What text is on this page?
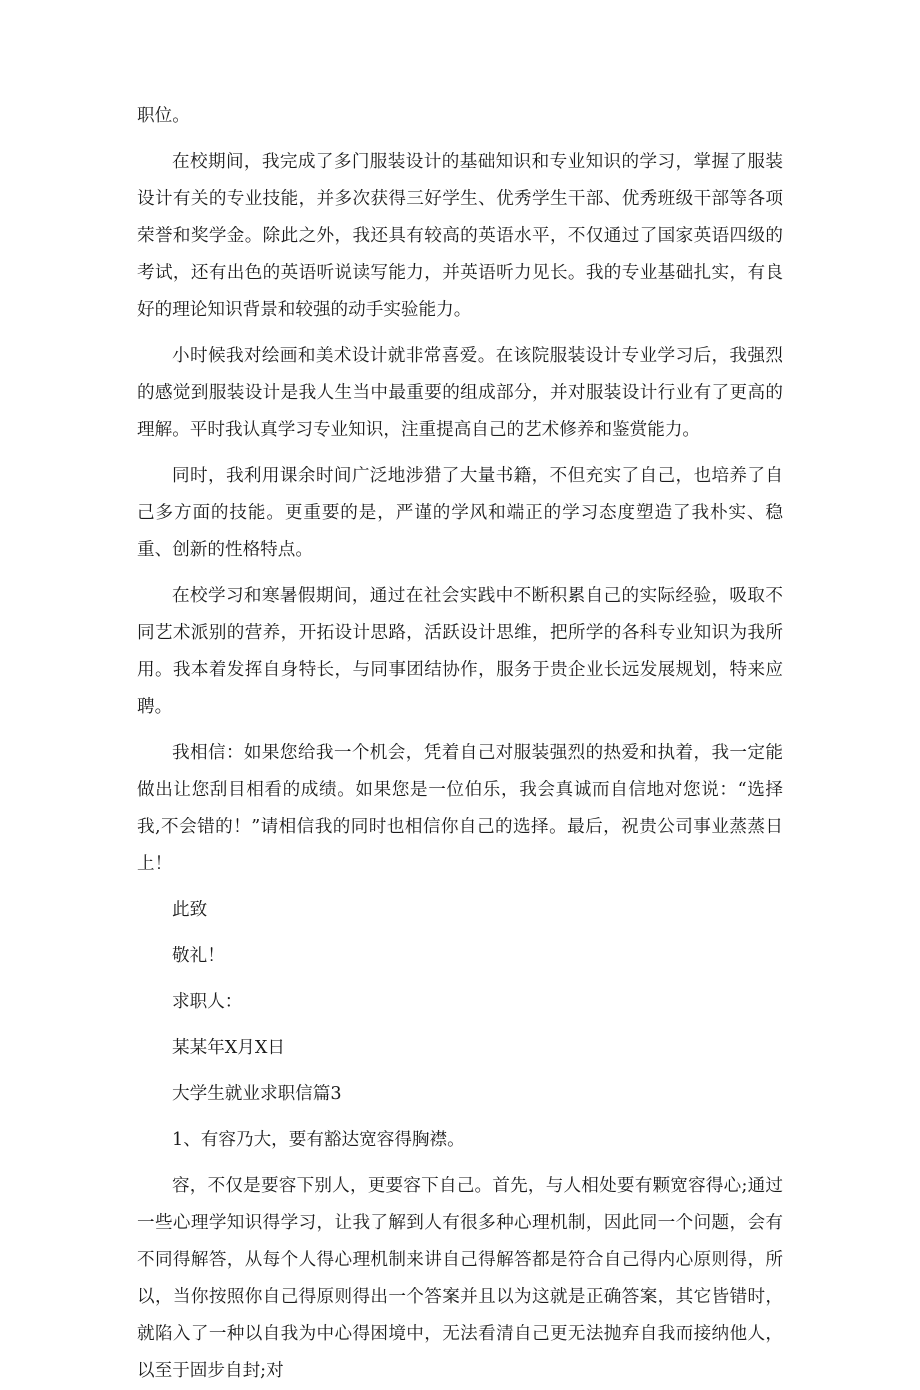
职位。

在校期间，我完成了多门服装设计的基础知识和专业知识的学习，掌握了服装设计有关的专业技能，并多次获得三好学生、优秀学生干部、优秀班级干部等各项荣誉和奖学金。除此之外，我还具有较高的英语水平，不仅通过了国家英语四级的考试，还有出色的英语听说读写能力，并英语听力见长。我的专业基础扎实，有良好的理论知识背景和较强的动手实验能力。

小时候我对绘画和美术设计就非常喜爱。在该院服装设计专业学习后，我强烈的感觉到服装设计是我人生当中最重要的组成部分，并对服装设计行业有了更高的理解。平时我认真学习专业知识，注重提高自己的艺术修养和鉴赏能力。

同时，我利用课余时间广泛地涉猎了大量书籍，不但充实了自己，也培养了自己多方面的技能。更重要的是，严谨的学风和端正的学习态度塑造了我朴实、稳重、创新的性格特点。

在校学习和寒暑假期间，通过在社会实践中不断积累自己的实际经验，吸取不同艺术派别的营养，开拓设计思路，活跃设计思维，把所学的各科专业知识为我所用。我本着发挥自身特长，与同事团结协作，服务于贵企业长远发展规划，特来应聘。

我相信：如果您给我一个机会，凭着自己对服装强烈的热爱和执着，我一定能做出让您刮目相看的成绩。如果您是一位伯乐，我会真诚而自信地对您说：“选择我,不会错的！”请相信我的同时也相信你自己的选择。最后，祝贵公司事业蒸蒸日上！

此致

敬礼！

求职人：

某某年X月X日

大学生就业求职信篇3

1、有容乃大，要有豁达宽容得胸襟。

容，不仅是要容下别人，更要容下自己。首先，与人相处要有颗宽容得心;通过一些心理学知识得学习，让我了解到人有很多种心理机制，因此同一个问题，会有不同得解答，从每个人得心理机制来讲自己得解答都是符合自己得内心原则得，所以，当你按照你自己得原则得出一个答案并且以为这就是正确答案，其它皆错时，就陷入了一种以自我为中心得困境中，无法看清自己更无法抛弃自我而接纳他人，以至于固步自封;对
